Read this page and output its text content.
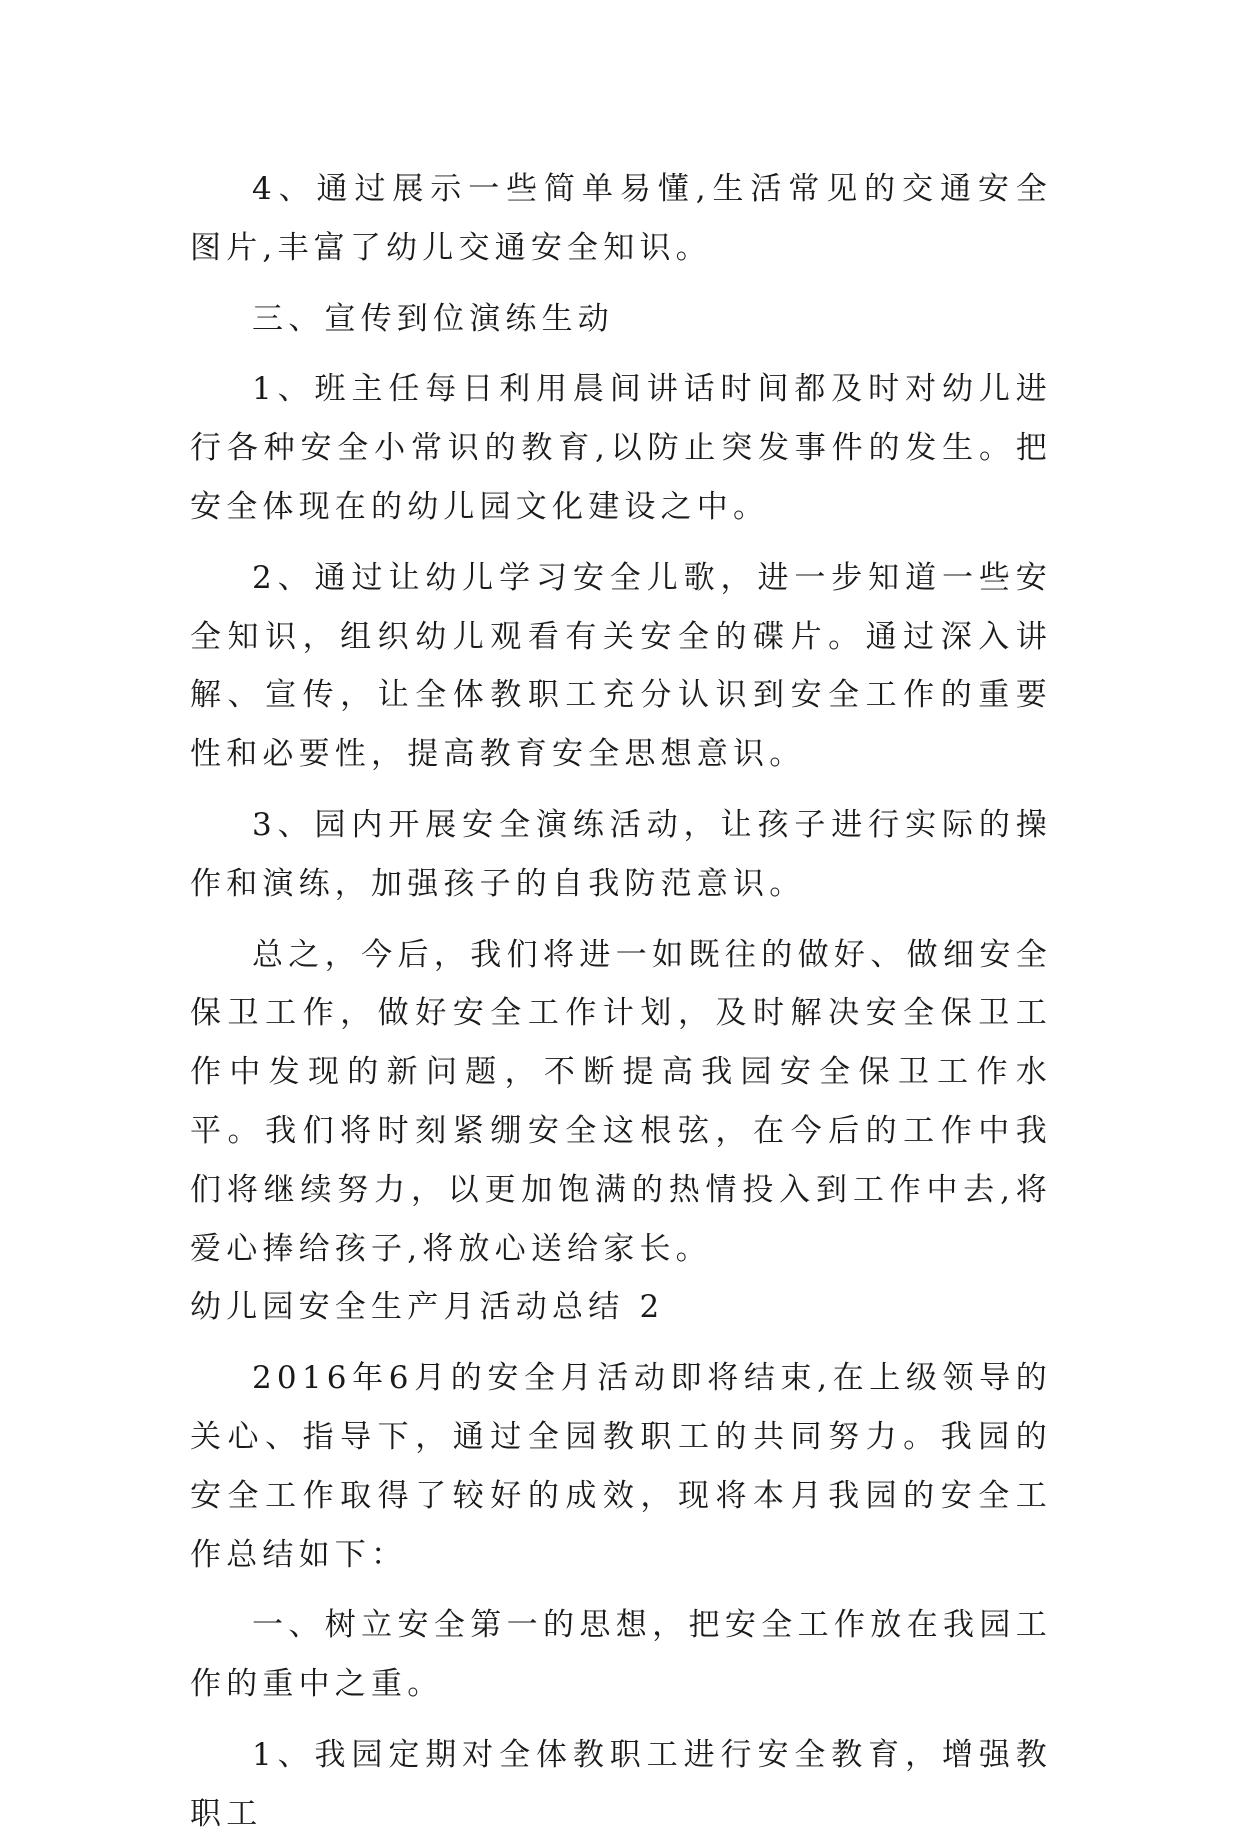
4、通过展示一些简单易懂,生活常见的交通安全图片,丰富了幼儿交通安全知识。

三、宣传到位演练生动

1、班主任每日利用晨间讲话时间都及时对幼儿进行各种安全小常识的教育,以防止突发事件的发生。把安全体现在的幼儿园文化建设之中。

2、通过让幼儿学习安全儿歌，进一步知道一些安全知识，组织幼儿观看有关安全的碟片。通过深入讲解、宣传，让全体教职工充分认识到安全工作的重要性和必要性，提高教育安全思想意识。

3、园内开展安全演练活动，让孩子进行实际的操作和演练，加强孩子的自我防范意识。

总之，今后，我们将进一如既往的做好、做细安全保卫工作，做好安全工作计划，及时解决安全保卫工作中发现的新问题，不断提高我园安全保卫工作水平。我们将时刻紧绷安全这根弦，在今后的工作中我们将继续努力，以更加饱满的热情投入到工作中去,将爱心捧给孩子,将放心送给家长。

幼儿园安全生产月活动总结 2

2016年6月的安全月活动即将结束,在上级领导的关心、指导下，通过全园教职工的共同努力。我园的安全工作取得了较好的成效，现将本月我园的安全工作总结如下：

一、树立安全第一的思想，把安全工作放在我园工作的重中之重。

1、我园定期对全体教职工进行安全教育，增强教职工
